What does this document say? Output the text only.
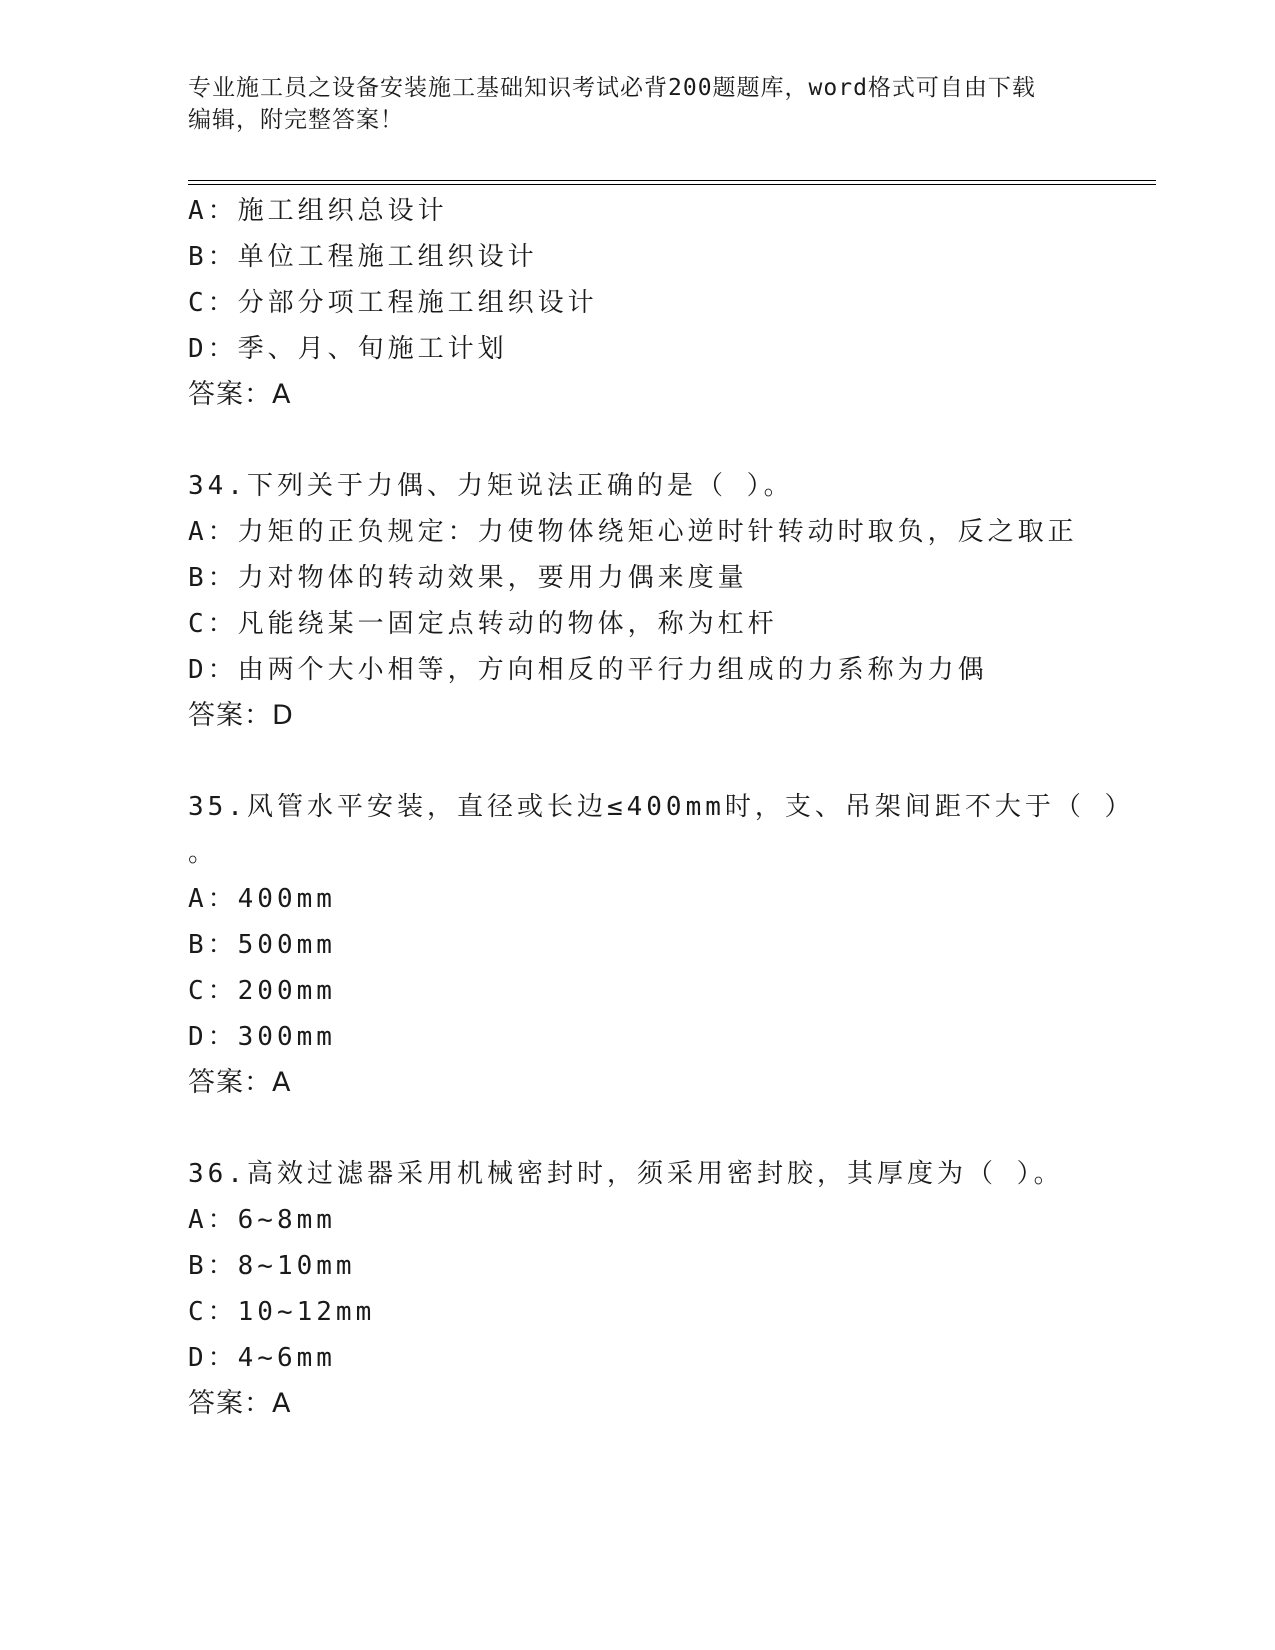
专业施工员之设备安装施工基础知识考试必背200题题库，word格式可自由下载
编辑，附完整答案！
A：施工组织总设计
B：单位工程施工组织设计
C：分部分项工程施工组织设计
D：季、月、旬施工计划
答案：A
34.下列关于力偶、力矩说法正确的是（ ）。
A：力矩的正负规定：力使物体绕矩心逆时针转动时取负，反之取正
B：力对物体的转动效果，要用力偶来度量
C：凡能绕某一固定点转动的物体，称为杠杆
D：由两个大小相等，方向相反的平行力组成的力系称为力偶
答案：D
35.风管水平安装，直径或长边≤400mm时，支、吊架间距不大于（ ）
。
A：400mm
B：500mm
C：200mm
D：300mm
答案：A
36.高效过滤器采用机械密封时，须采用密封胶，其厚度为（ ）。
A：6~8mm
B：8~10mm
C：10~12mm
D：4~6mm
答案：A
